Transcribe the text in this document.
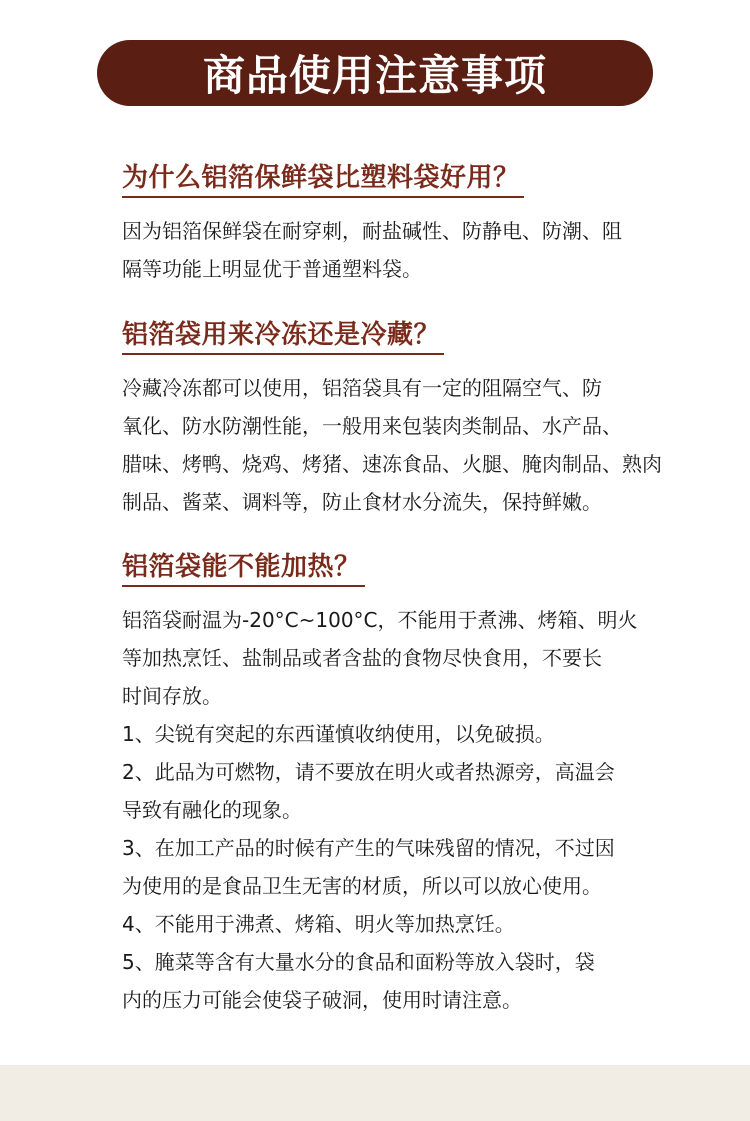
商品使用注意事项
为什么铝箔保鲜袋比塑料袋好用？
因为铝箔保鲜袋在耐穿刺，耐盐碱性、防静电、防潮、阻
隔等功能上明显优于普通塑料袋。
铝箔袋用来冷冻还是冷藏？
冷藏冷冻都可以使用，铝箔袋具有一定的阻隔空气、防
氧化、防水防潮性能，一般用来包装肉类制品、水产品、
腊味、烤鸭、烧鸡、烤猪、速冻食品、火腿、腌肉制品、熟肉
制品、酱菜、调料等，防止食材水分流失，保持鲜嫩。
铝箔袋能不能加热？
铝箔袋耐温为-20°C~100°C，不能用于煮沸、烤箱、明火
等加热烹饪、盐制品或者含盐的食物尽快食用，不要长
时间存放。
1、尖锐有突起的东西谨慎收纳使用，以免破损。
2、此品为可燃物，请不要放在明火或者热源旁，高温会
导致有融化的现象。
3、在加工产品的时候有产生的气味残留的情况，不过因
为使用的是食品卫生无害的材质，所以可以放心使用。
4、不能用于沸煮、烤箱、明火等加热烹饪。
5、腌菜等含有大量水分的食品和面粉等放入袋时，袋
内的压力可能会使袋子破洞，使用时请注意。
